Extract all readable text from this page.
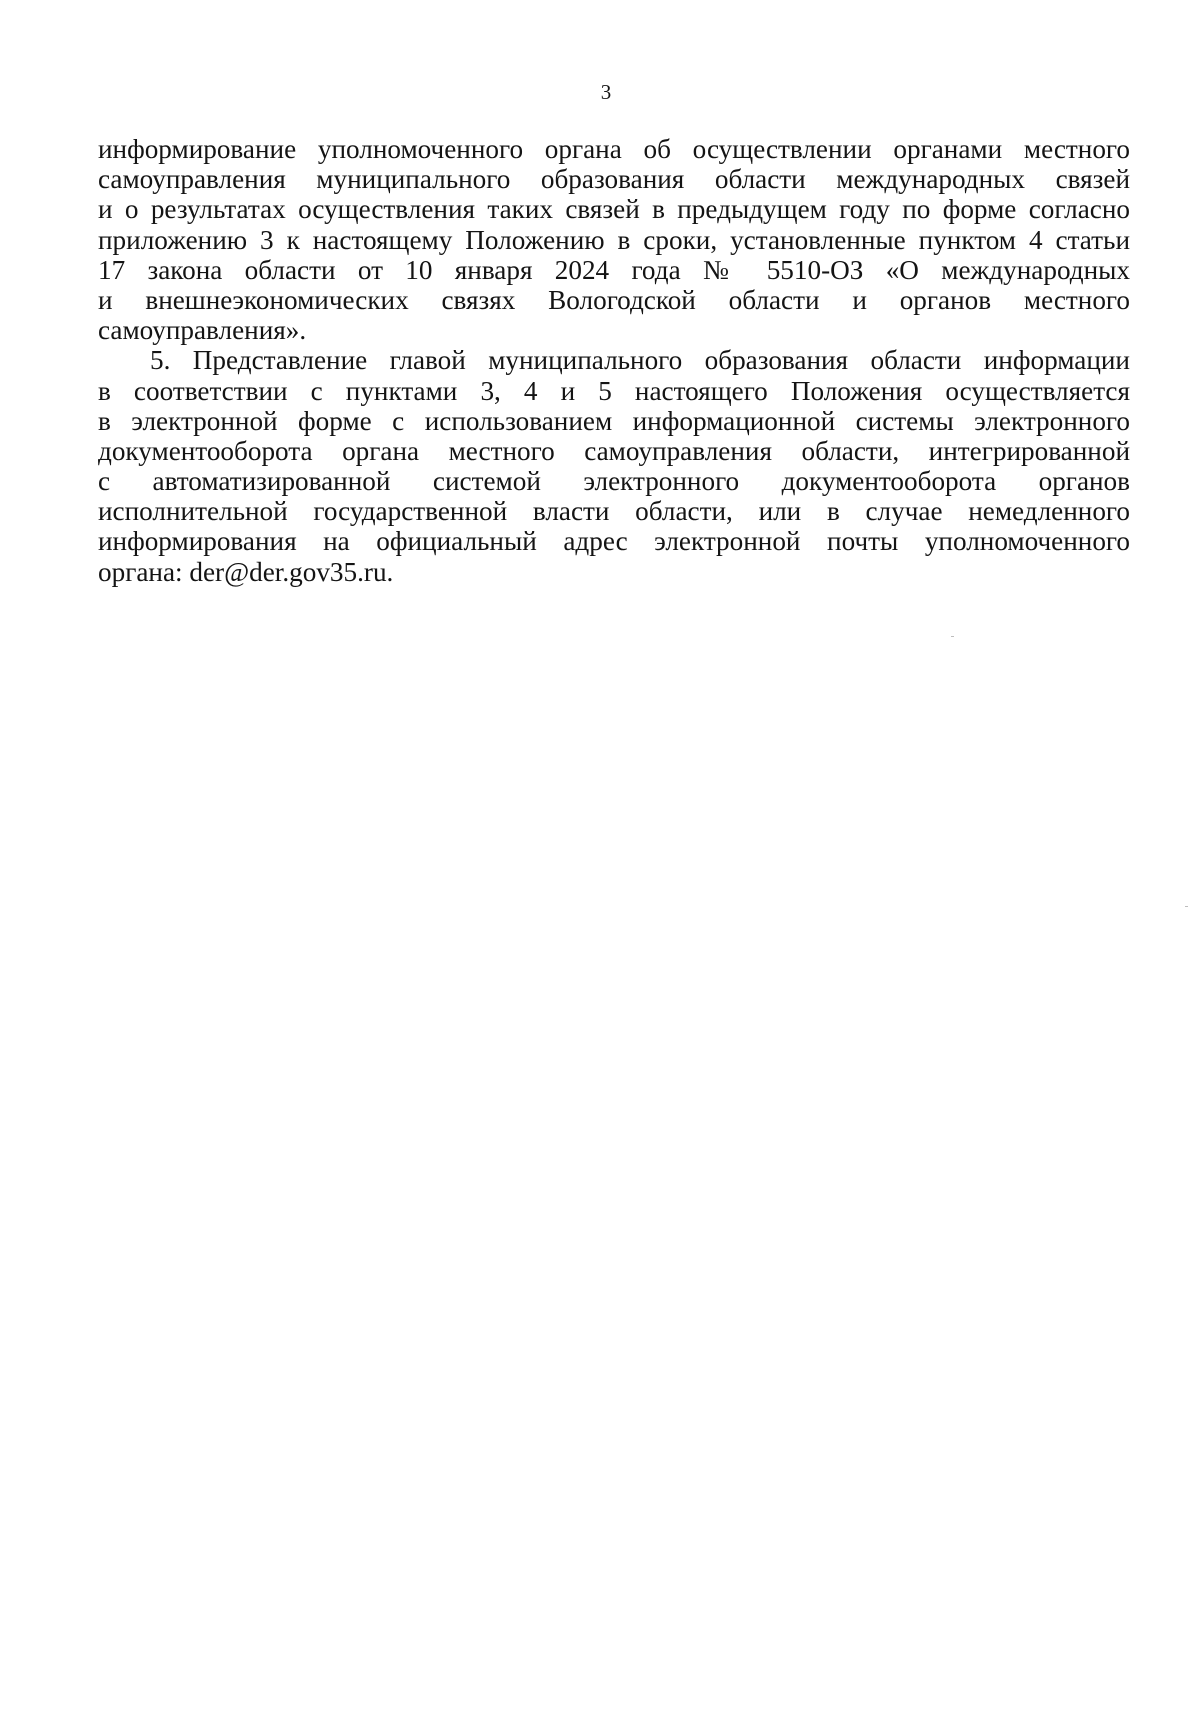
3
информирование уполномоченного органа об осуществлении органами местного
самоуправления муниципального образования области международных связей
и о результатах осуществления таких связей в предыдущем году по форме согласно
приложению 3 к настоящему Положению в сроки, установленные пунктом 4 статьи
17 закона области от 10 января 2024 года № 5510-ОЗ «О международных
и внешнеэкономических связях Вологодской области и органов местного
самоуправления».
5. Представление главой муниципального образования области информации
в соответствии с пунктами 3, 4 и 5 настоящего Положения осуществляется
в электронной форме с использованием информационной системы электронного
документооборота органа местного самоуправления области, интегрированной
с автоматизированной системой электронного документооборота органов
исполнительной государственной власти области, или в случае немедленного
информирования на официальный адрес электронной почты уполномоченного
органа: der@der.gov35.ru.
